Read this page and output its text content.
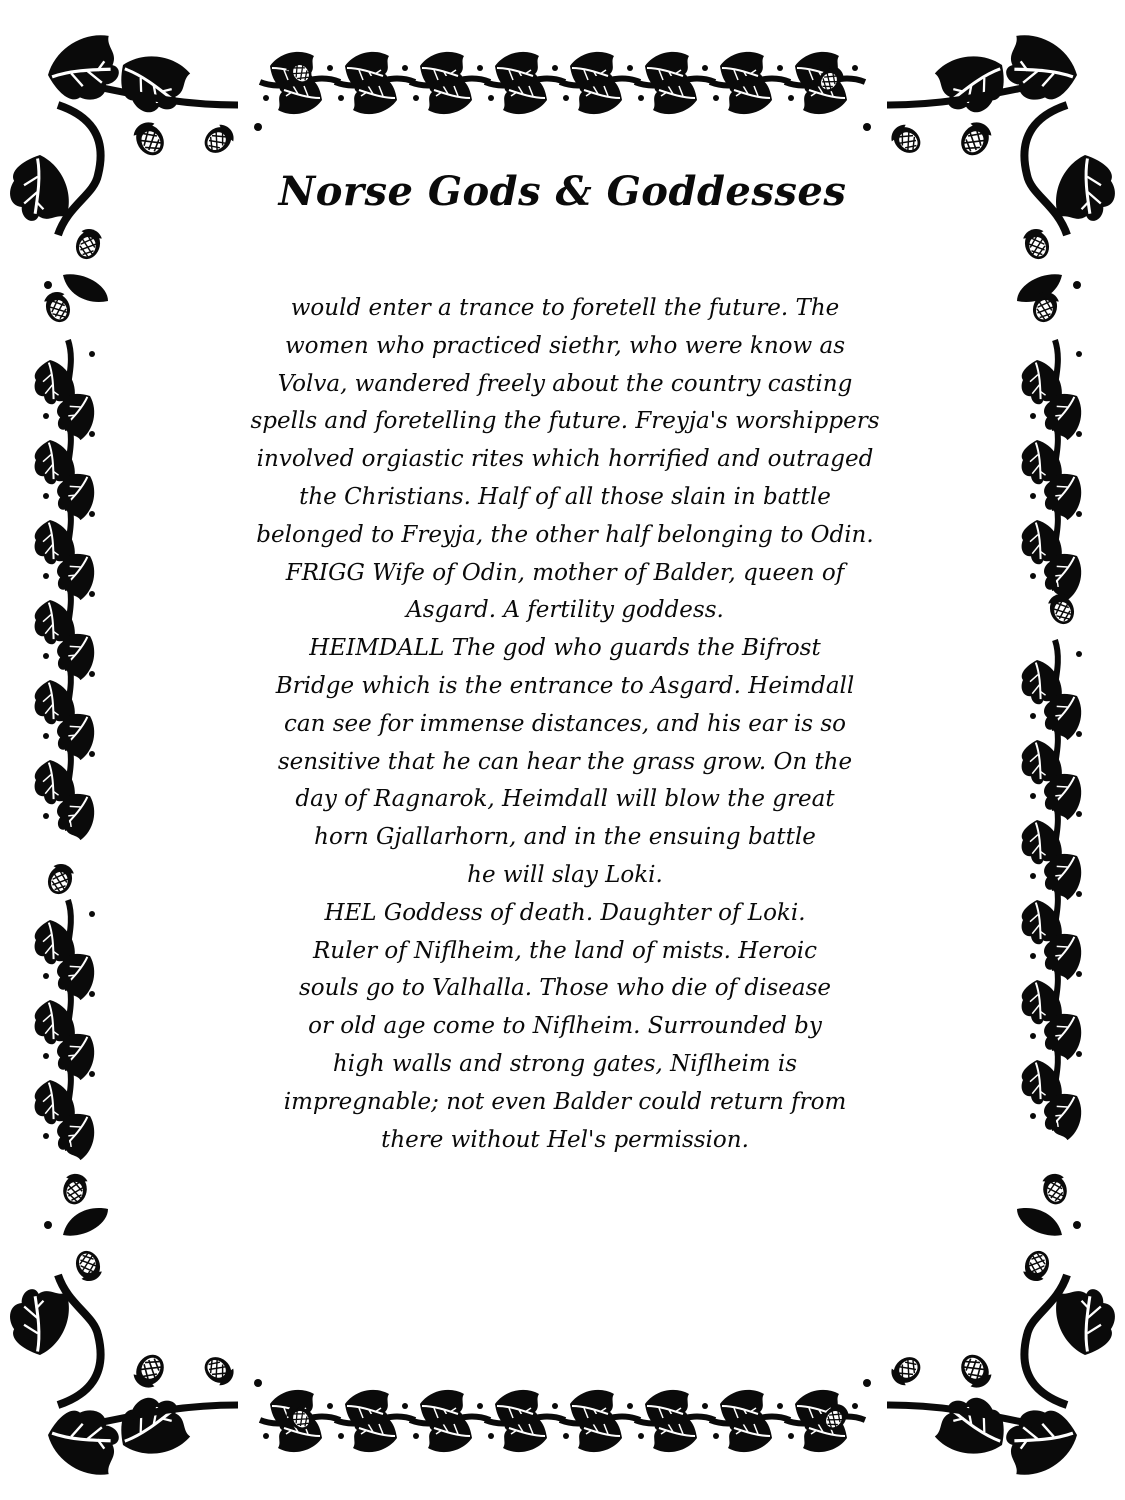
Norse Gods & Goddesses
would enter a trance to foretell the future. The
women who practiced siethr, who were know as
Volva, wandered freely about the country casting
spells and foretelling the future. Freyja's worshippers
involved orgiastic rites which horrified and outraged
the Christians. Half of all those slain in battle
belonged to Freyja, the other half belonging to Odin.
FRIGG Wife of Odin, mother of Balder, queen of
Asgard. A fertility goddess.
HEIMDALL The god who guards the Bifrost
Bridge which is the entrance to Asgard. Heimdall
can see for immense distances, and his ear is so
sensitive that he can hear the grass grow. On the
day of Ragnarok, Heimdall will blow the great
horn Gjallarhorn, and in the ensuing battle
he will slay Loki.
HEL Goddess of death. Daughter of Loki.
Ruler of Niflheim, the land of mists. Heroic
souls go to Valhalla. Those who die of disease
or old age come to Niflheim. Surrounded by
high walls and strong gates, Niflheim is
impregnable; not even Balder could return from
there without Hel's permission.
